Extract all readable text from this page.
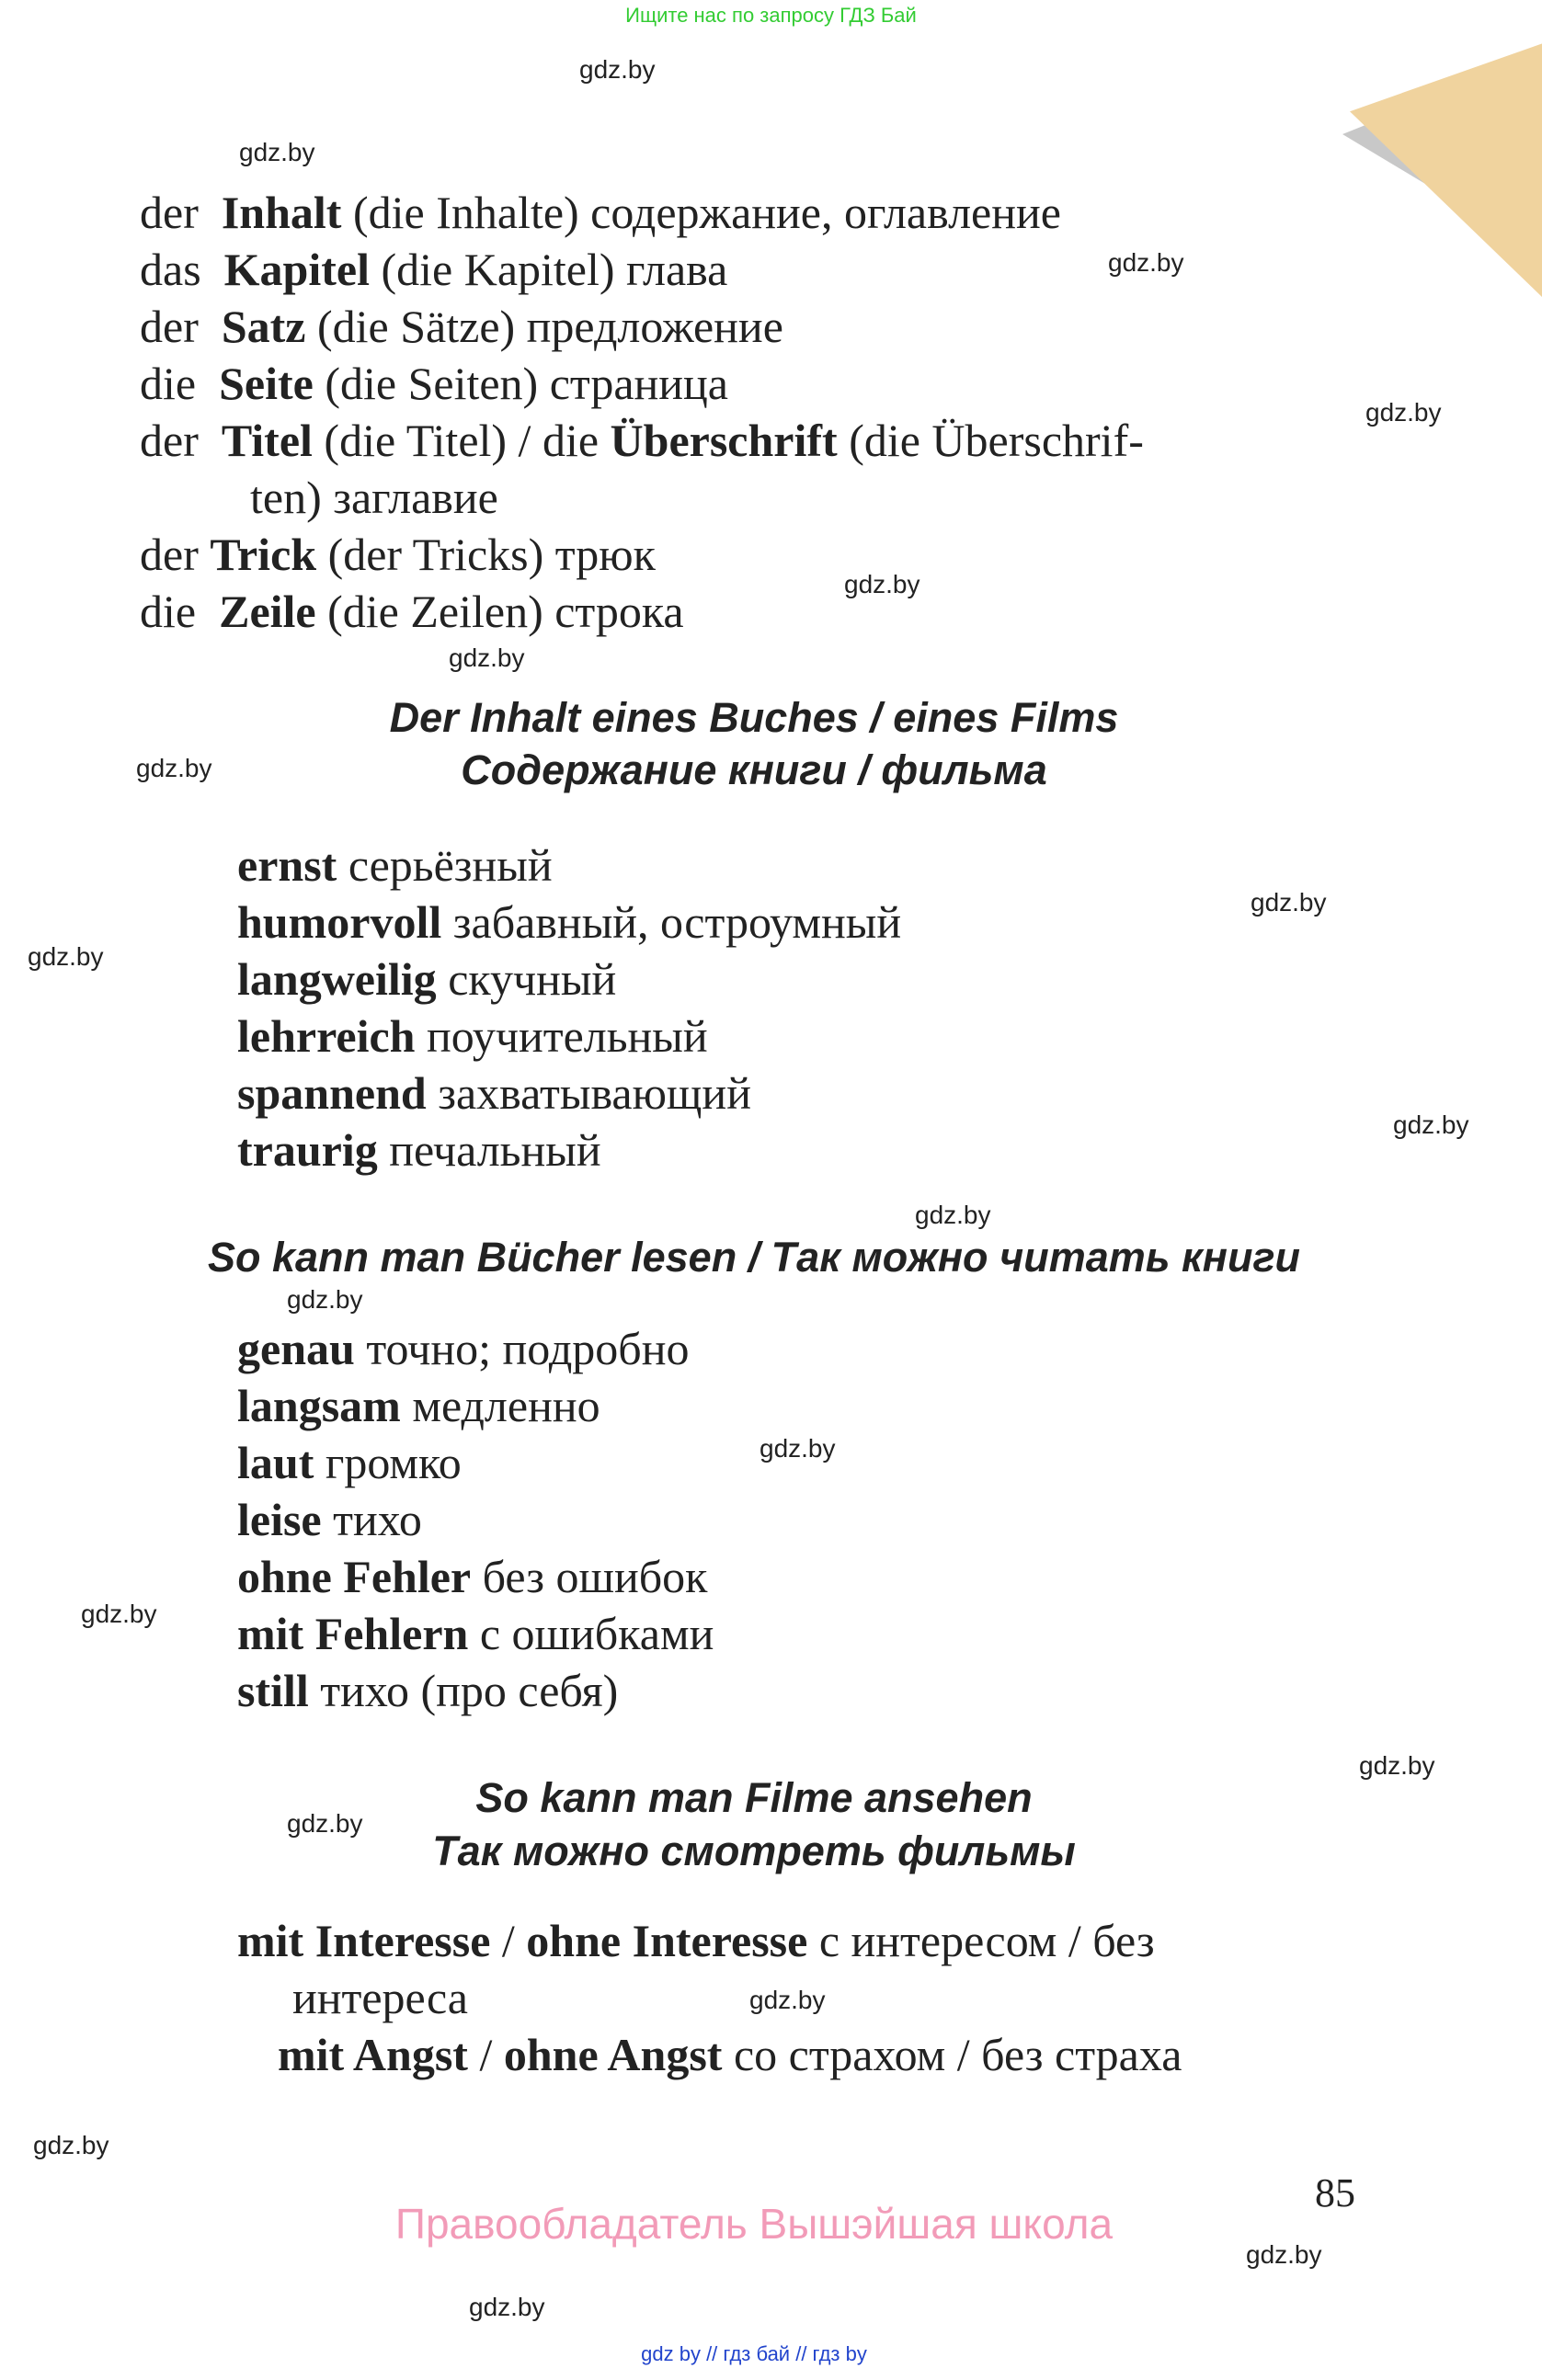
Ищите нас по запросу ГДЗ Бай
der Inhalt (die Inhalte) содержание, оглавление
das Kapitel (die Kapitel) глава
der Satz (die Sätze) предложение
die Seite (die Seiten) страница
der Titel (die Titel) / die Überschrift (die Überschrif-
ten) заглавие
der Trick (der Tricks) трюк
die Zeile (die Zeilen) строка
Der Inhalt eines Buches / eines Films
Содержание книги / фильма
ernst серьёзный
humorvoll забавный, остроумный
langweilig скучный
lehrreich поучительный
spannend захватывающий
traurig печальный
So kann man Bücher lesen / Так можно читать книги
genau точно; подробно
langsam медленно
laut громко
leise тихо
ohne Fehler без ошибок
mit Fehlern с ошибками
still тихо (про себя)
So kann man Filme ansehen
Так можно смотреть фильмы
mit Interesse / ohne Interesse с интересом / без
интереса
mit Angst / ohne Angst со страхом / без страха
gdz.by
gdz.by
gdz.by
gdz.by
gdz.by
gdz.by
gdz.by
gdz.by
gdz.by
gdz.by
gdz.by
gdz.by
gdz.by
gdz.by
gdz.by
gdz.by
gdz.by
gdz.by
gdz.by
gdz.by
85
Правообладатель Вышэйшая школа
gdz by // гдз бай // гдз by
